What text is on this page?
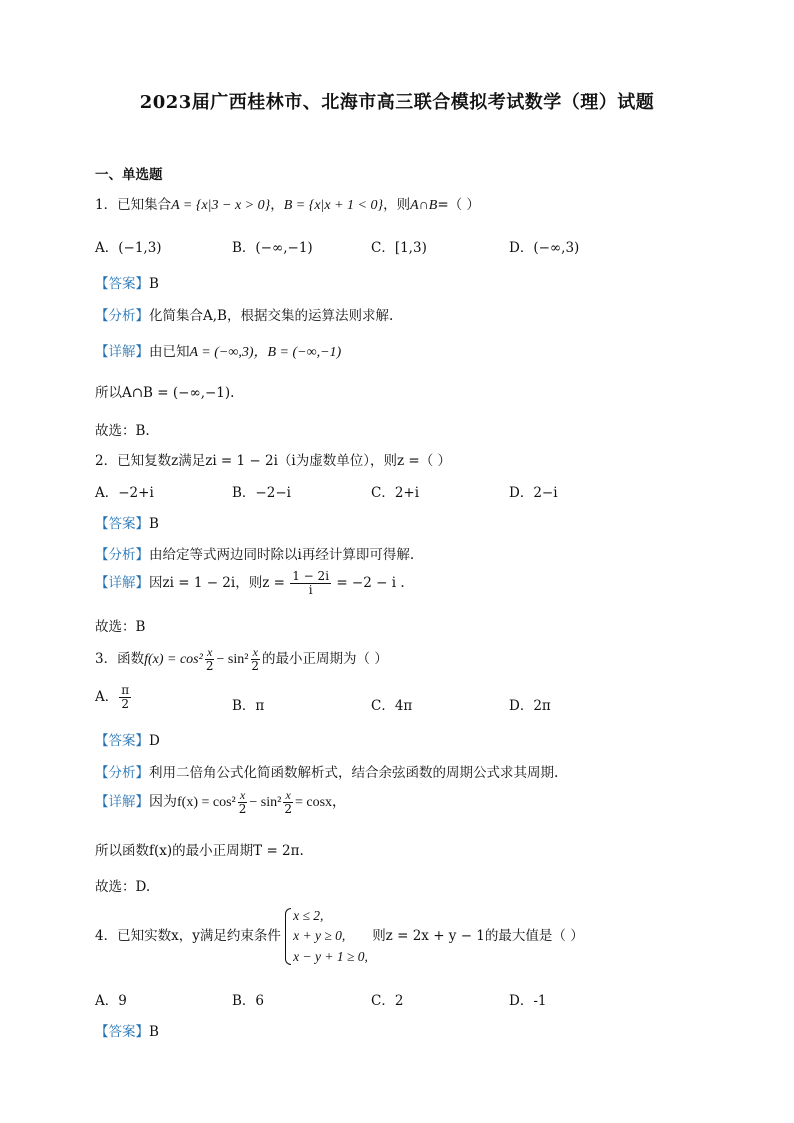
2023届广西桂林市、北海市高三联合模拟考试数学（理）试题
一、单选题
1．已知集合A = {x|3 − x > 0}，B = {x|x + 1 < 0}，则A∩B=（ ）
A．(−1,3)	B．(−∞,−1)	C．[1,3)	D．(−∞,3)
【答案】B
【分析】化简集合A,B，根据交集的运算法则求解.
【详解】由已知A = (−∞,3)，B = (−∞,−1)
所以A∩B = (−∞,−1).
故选：B.
2．已知复数z满足zi = 1 − 2i（i为虚数单位），则z =（ ）
A．−2+i	B．−2−i	C．2+i	D．2−i
【答案】B
【分析】由给定等式两边同时除以i再经计算即可得解.
【详解】因zi = 1 − 2i，则$z = \frac{1 - 2i}{i} = -2 - i$ .
故选：B
3．函数$f(x) = \cos^2 \frac{x}{2} - \sin^2 \frac{x}{2}$ 的最小正周期为（ ）
A． $\frac{\pi}{2}$	B．π	C．4π	D．2π
【答案】D
【分析】利用二倍角公式化简函数解析式，结合余弦函数的周期公式求其周期.
【详解】因为$f(x) = \cos^2 \frac{x}{2} - \sin^2 \frac{x}{2} = \cos x$，
所以函数f(x)的最小正周期T = 2π.
故选：D.
4．已知实数x，y满足约束条件
x ≤ 2,
x + y ≥ 0,
x − y + 1 ≥ 0,
则z = 2x + y − 1的最大值是（ ）
A．9	B．6	C．2	D．-1
【答案】B
